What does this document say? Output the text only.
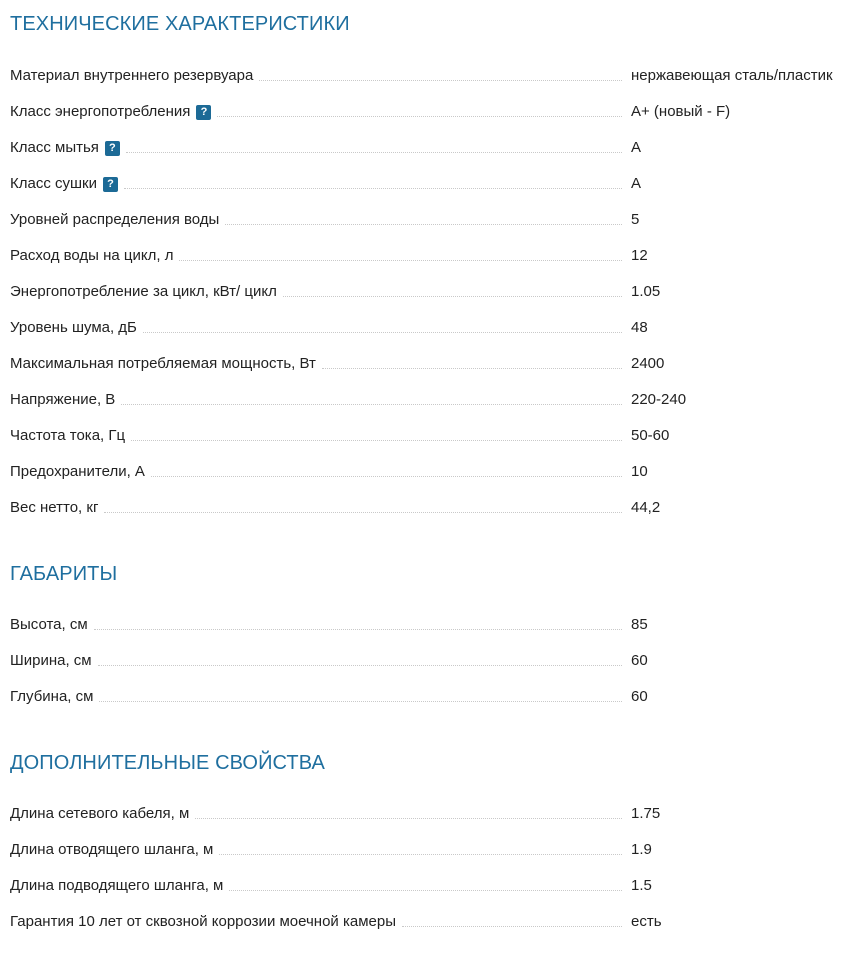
ТЕХНИЧЕСКИЕ ХАРАКТЕРИСТИКИ
Материал внутреннего резервуара	нержавеющая сталь/пластик
Класс энергопотребления ?	A+ (новый - F)
Класс мытья ?	A
Класс сушки ?	A
Уровней распределения воды	5
Расход воды на цикл, л	12
Энергопотребление за цикл, кВт/ цикл	1.05
Уровень шума, дБ	48
Максимальная потребляемая мощность, Вт	2400
Напряжение, В	220-240
Частота тока, Гц	50-60
Предохранители, А	10
Вес нетто, кг	44,2
ГАБАРИТЫ
Высота, см	85
Ширина, см	60
Глубина, см	60
ДОПОЛНИТЕЛЬНЫЕ СВОЙСТВА
Длина сетевого кабеля, м	1.75
Длина отводящего шланга, м	1.9
Длина подводящего шланга, м	1.5
Гарантия 10 лет от сквозной коррозии моечной камеры	есть
